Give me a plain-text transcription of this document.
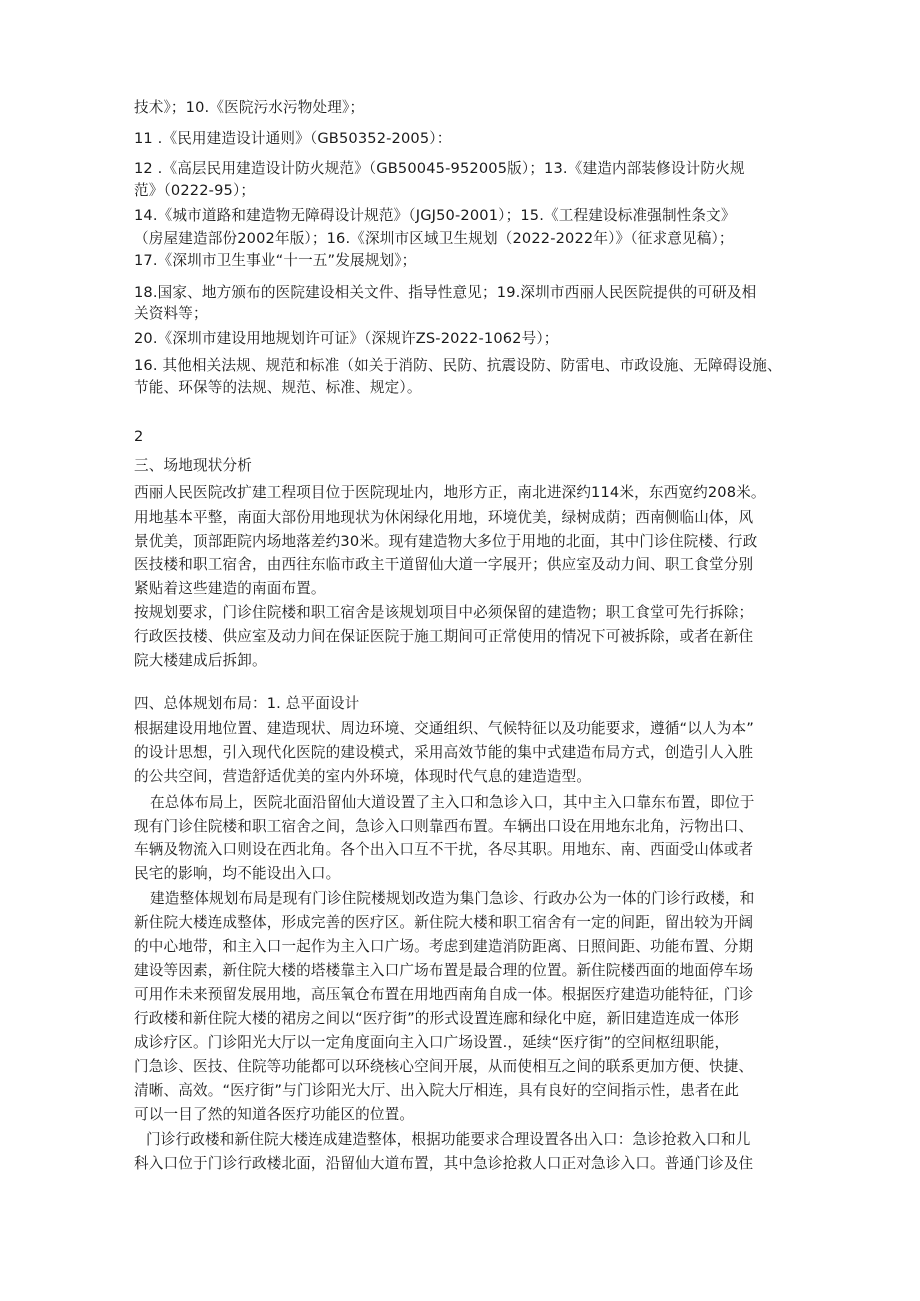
技术》；10.《医院污水污物处理》；
11 .《民用建造设计通则》（GB50352-2005）：
12 .《高层民用建造设计防火规范》（GB50045-952005版）；13.《建造内部装修设计防火规
范》（0222-95）；
14.《城市道路和建造物无障碍设计规范》（JGJ50-2001）；15.《工程建设标准强制性条文》
（房屋建造部份2002年版）；16.《深圳市区域卫生规划（2022-2022年）》（征求意见稿）；
17.《深圳市卫生事业“十一五”发展规划》；
18.国家、地方颁布的医院建设相关文件、指导性意见；19.深圳市西丽人民医院提供的可研及相
关资料等；
20.《深圳市建设用地规划许可证》（深规许ZS-2022-1062号）；
16. 其他相关法规、规范和标准（如关于消防、民防、抗震设防、防雷电、市政设施、无障碍设施、
节能、环保等的法规、规范、标准、规定）。
2
三、场地现状分析
西丽人民医院改扩建工程项目位于医院现址内，地形方正，南北进深约114米，东西宽约208米。
用地基本平整，南面大部份用地现状为休闲绿化用地，环境优美，绿树成荫；西南侧临山体，风
景优美，顶部距院内场地落差约30米。现有建造物大多位于用地的北面，其中门诊住院楼、行政
医技楼和职工宿舍，由西往东临市政主干道留仙大道一字展开；供应室及动力间、职工食堂分别
紧贴着这些建造的南面布置。
按规划要求，门诊住院楼和职工宿舍是该规划项目中必须保留的建造物；职工食堂可先行拆除；
行政医技楼、供应室及动力间在保证医院于施工期间可正常使用的情况下可被拆除，或者在新住
院大楼建成后拆卸。
四、总体规划布局：1. 总平面设计
根据建设用地位置、建造现状、周边环境、交通组织、气候特征以及功能要求，遵循“以人为本”
的设计思想，引入现代化医院的建设模式，采用高效节能的集中式建造布局方式，创造引人入胜
的公共空间，营造舒适优美的室内外环境，体现时代气息的建造造型。
在总体布局上，医院北面沿留仙大道设置了主入口和急诊入口，其中主入口靠东布置，即位于
现有门诊住院楼和职工宿舍之间，急诊入口则靠西布置。车辆出口设在用地东北角，污物出口、
车辆及物流入口则设在西北角。各个出入口互不干扰，各尽其职。用地东、南、西面受山体或者
民宅的影响，均不能设出入口。
建造整体规划布局是现有门诊住院楼规划改造为集门急诊、行政办公为一体的门诊行政楼，和
新住院大楼连成整体，形成完善的医疗区。新住院大楼和职工宿舍有一定的间距，留出较为开阔
的中心地带，和主入口一起作为主入口广场。考虑到建造消防距离、日照间距、功能布置、分期
建设等因素，新住院大楼的塔楼靠主入口广场布置是最合理的位置。新住院楼西面的地面停车场
可用作未来预留发展用地，高压氧仓布置在用地西南角自成一体。根据医疗建造功能特征，门诊
行政楼和新住院大楼的裙房之间以“医疗街”的形式设置连廊和绿化中庭，新旧建造连成一体形
成诊疗区。门诊阳光大厅以一定角度面向主入口广场设置.，延续“医疗街”的空间枢纽职能，
门急诊、医技、住院等功能都可以环绕核心空间开展，从而使相互之间的联系更加方便、快捷、
清晰、高效。“医疗街”与门诊阳光大厅、出入院大厅相连，具有良好的空间指示性，患者在此
可以一目了然的知道各医疗功能区的位置。
门诊行政楼和新住院大楼连成建造整体，根据功能要求合理设置各出入口：急诊抢救入口和儿
科入口位于门诊行政楼北面，沿留仙大道布置，其中急诊抢救人口正对急诊入口。普通门诊及住
